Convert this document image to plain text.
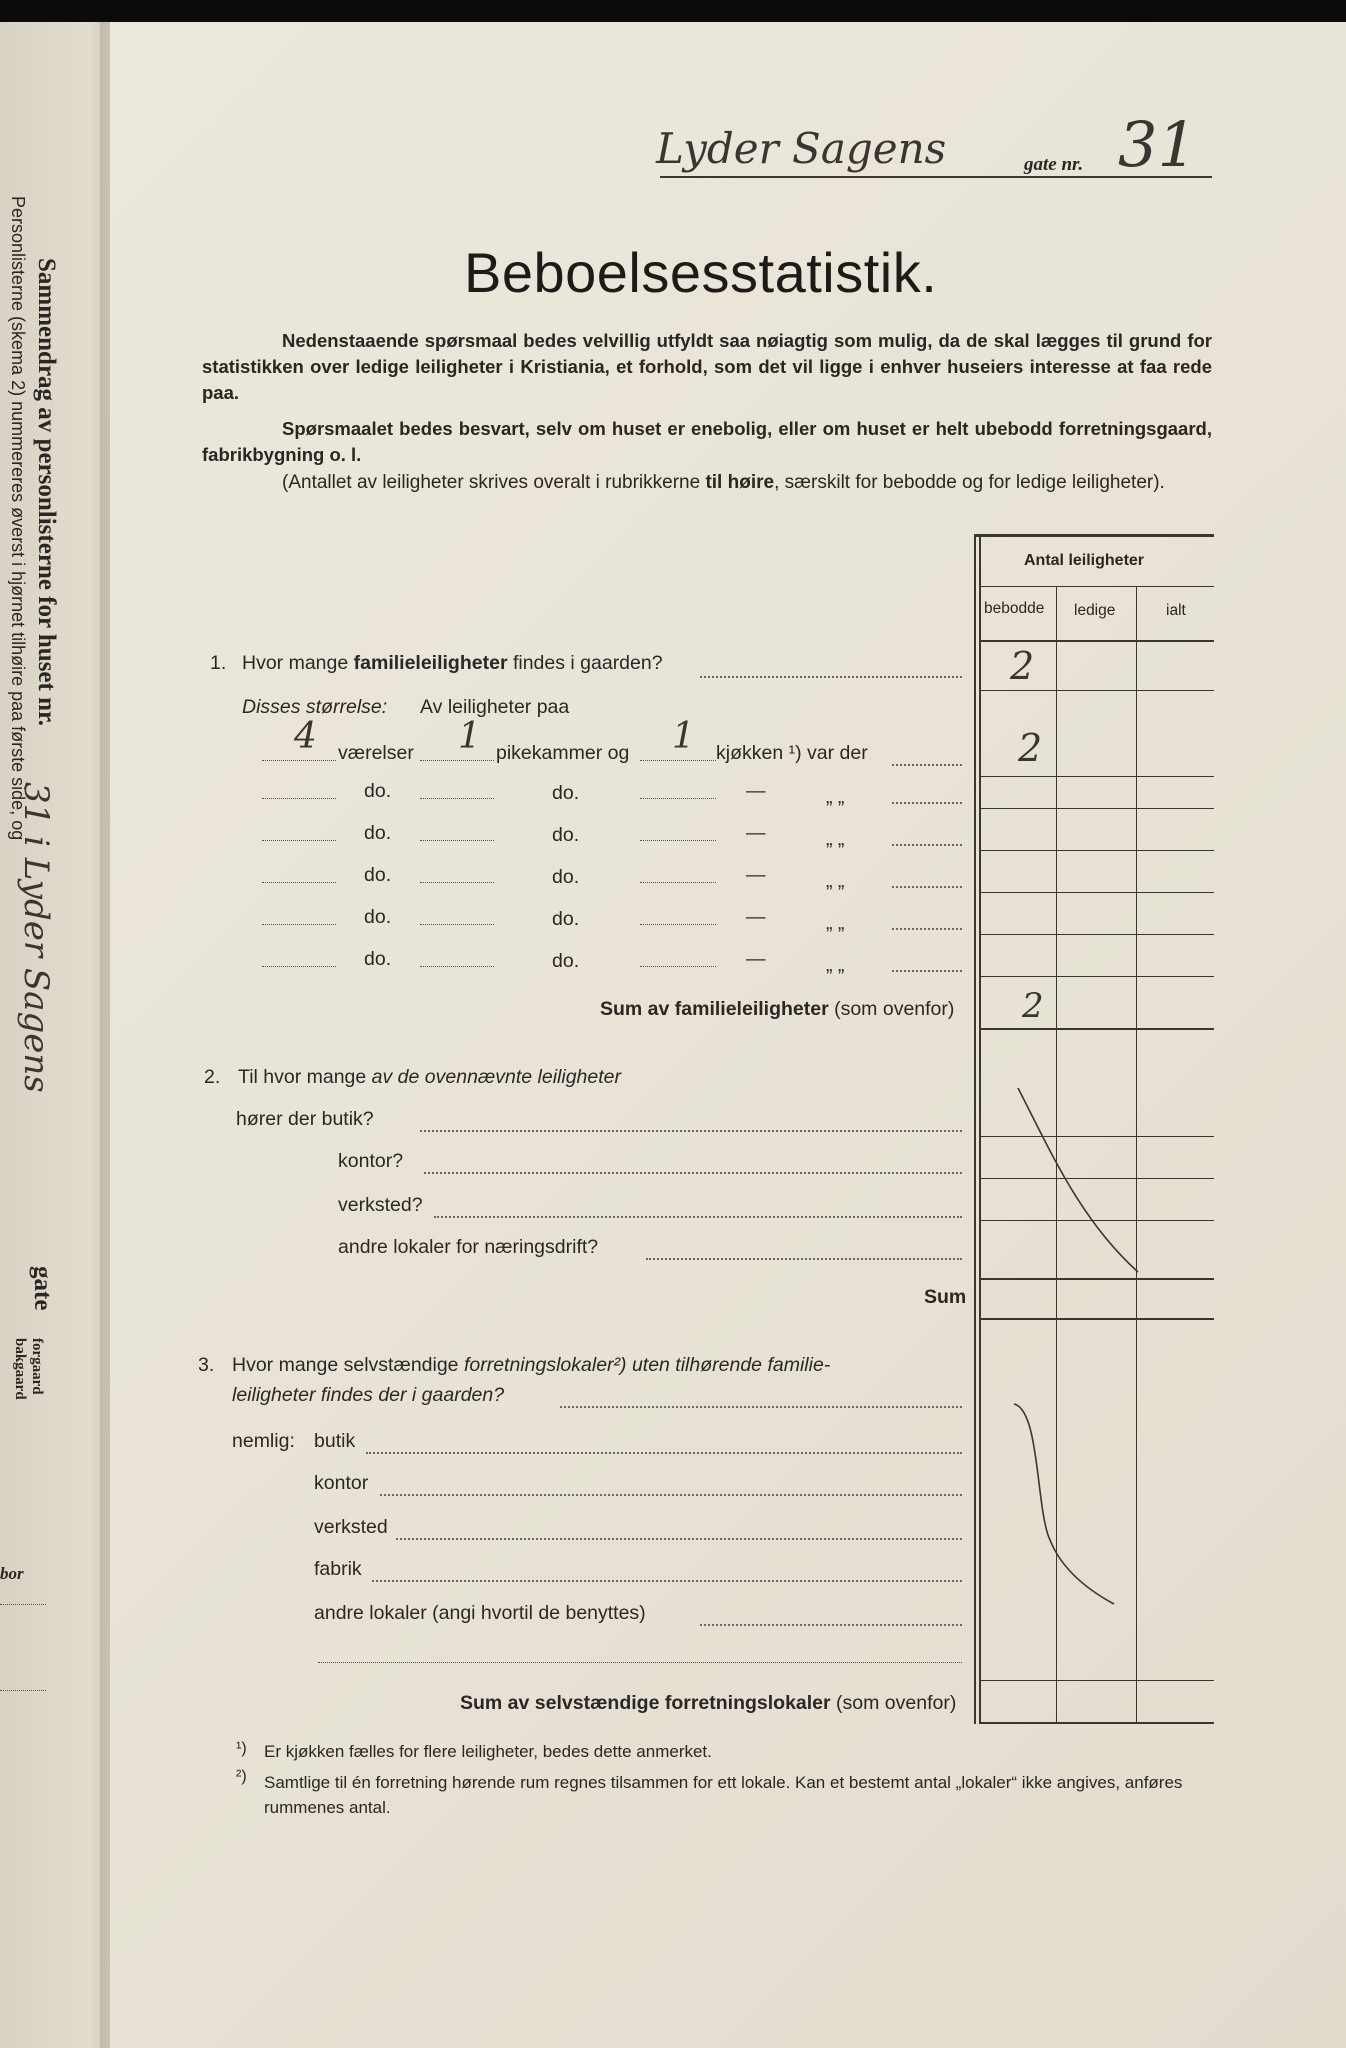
Personlisterne (skema 2) nummereres øverst i hjørnet tilhøire paa første side, og Sammendrag av personlisterne for huset nr.
31 i Lyder Sagens
gate
forgaard
bakgaard
bor
Lyder Sagens	gate nr. 31
Beboelsesstatistik.
Nedenstaaende spørsmaal bedes velvillig utfyldt saa nøiagtig som mulig, da de skal lægges til grund for statistikken over ledige leiligheter i Kristiania, et forhold, som det vil ligge i enhver huseiers interesse at faa rede paa.
Spørsmaalet bedes besvart, selv om huset er enebolig, eller om huset er helt ubebodd forretningsgaard, fabrikbygning o. l.
(Antallet av leiligheter skrives overalt i rubrikkerne til høire, særskilt for bebodde og for ledige leiligheter).
Antal leiligheter
bebodde ledige	ialt
1. Hvor mange familieleiligheter findes i gaarden?	2
Disses størrelse: Av leiligheter paa
4 værelser 1 pikekammer og 1 kjøkken ¹) var der	2
do.	do.	—	„ „
do.	do.	—	„ „
do.	do.	—	„ „
do.	do.	—	„ „
do.	do.	—	„ „
Sum av familieleiligheter (som ovenfor) 2
2. Til hvor mange av de ovennævnte leiligheter
hører der butik?
kontor?
verksted?
andre lokaler for næringsdrift?
Sum
3. Hvor mange selvstændige forretningslokaler²) uten tilhørende familie-
leiligheter findes der i gaarden?
nemlig: butik
kontor
verksted
fabrik
andre lokaler (angi hvortil de benyttes)
Sum av selvstændige forretningslokaler (som ovenfor)
¹) Er kjøkken fælles for flere leiligheter, bedes dette anmerket.
²) Samtlige til én forretning hørende rum regnes tilsammen for ett lokale. Kan et bestemt antal „lokaler“ ikke angives, anføres rummenes antal.
